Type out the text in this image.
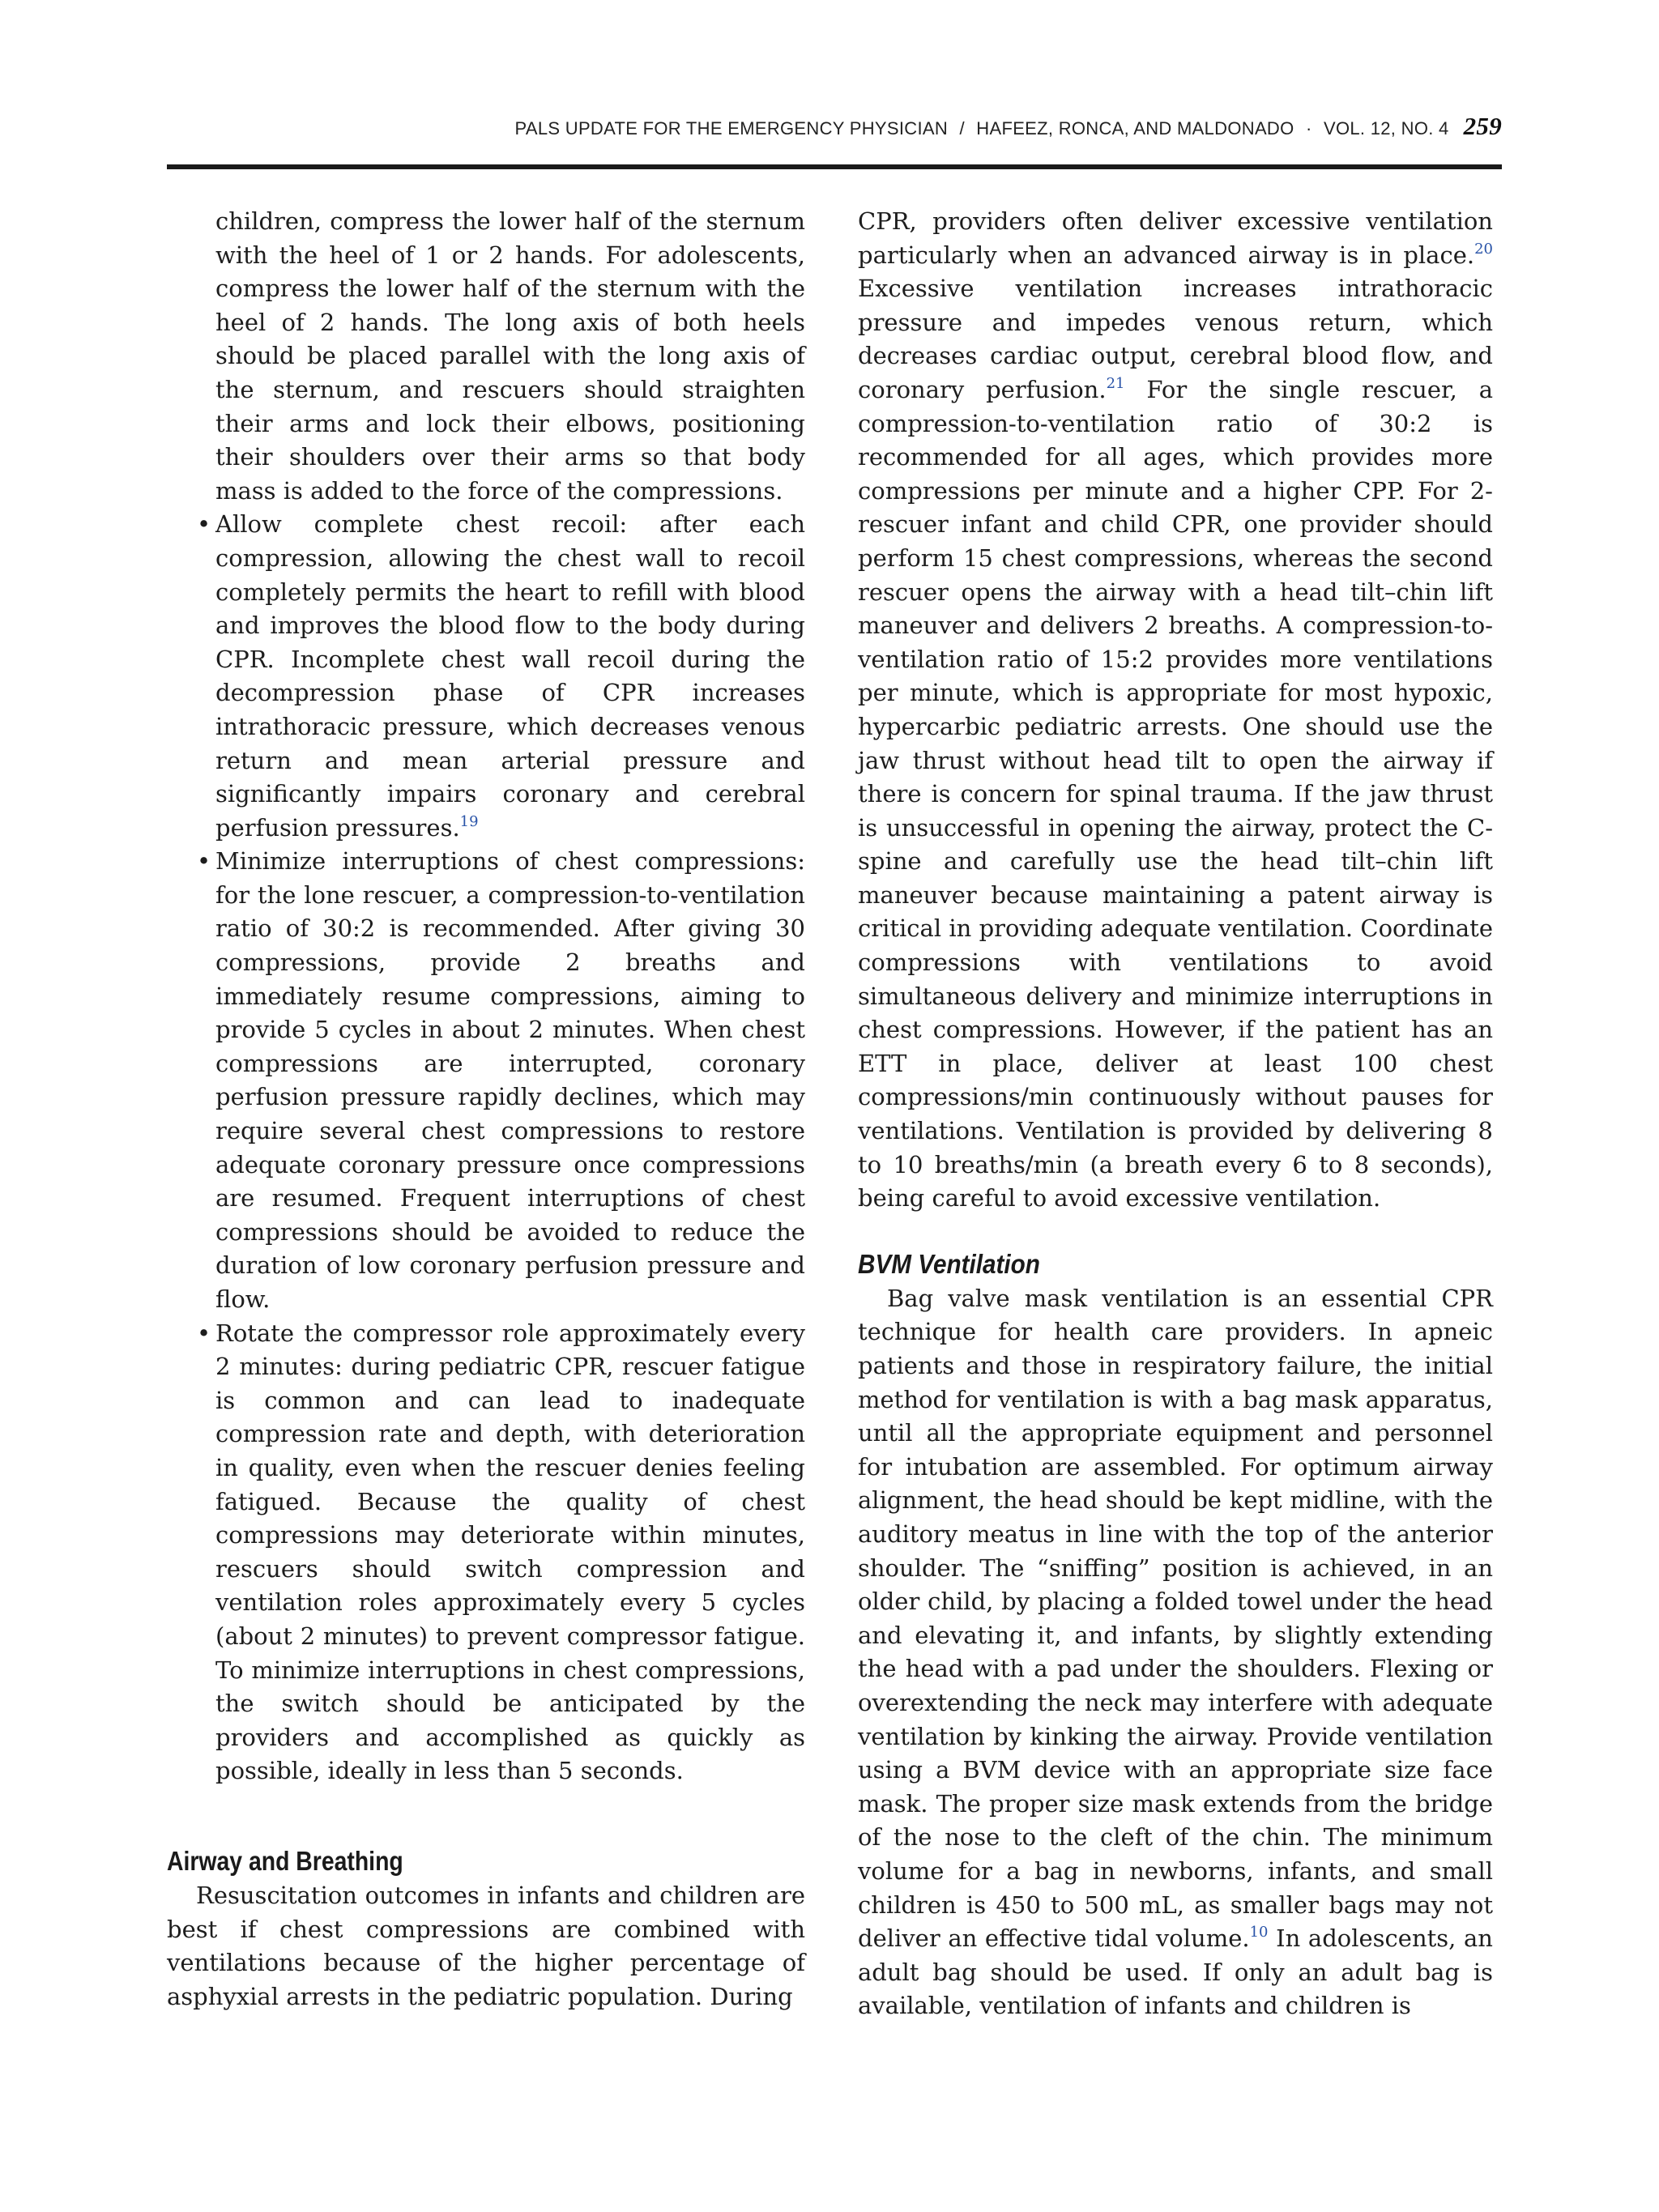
PALS UPDATE FOR THE EMERGENCY PHYSICIAN / HAFEEZ, RONCA, AND MALDONADO · VOL. 12, NO. 4 259

children, compress the lower half of the sternum with the heel of 1 or 2 hands. For adolescents, compress the lower half of the sternum with the heel of 2 hands. The long axis of both heels should be placed parallel with the long axis of the sternum, and rescuers should straighten their arms and lock their elbows, positioning their shoulders over their arms so that body mass is added to the force of the compressions.

• Allow complete chest recoil: after each compression, allowing the chest wall to recoil completely permits the heart to refill with blood and improves the blood flow to the body during CPR. Incomplete chest wall recoil during the decompression phase of CPR increases intrathoracic pressure, which decreases venous return and mean arterial pressure and significantly impairs coronary and cerebral perfusion pressures.$^{19}$
• Minimize interruptions of chest compressions: for the lone rescuer, a compression-to-ventilation ratio of 30:2 is recommended. After giving 30 compressions, provide 2 breaths and immediately resume compressions, aiming to provide 5 cycles in about 2 minutes. When chest compressions are interrupted, coronary perfusion pressure rapidly declines, which may require several chest compressions to restore adequate coronary pressure once compressions are resumed. Frequent interruptions of chest compressions should be avoided to reduce the duration of low coronary perfusion pressure and flow.
• Rotate the compressor role approximately every 2 minutes: during pediatric CPR, rescuer fatigue is common and can lead to inadequate compression rate and depth, with deterioration in quality, even when the rescuer denies feeling fatigued. Because the quality of chest compressions may deteriorate within minutes, rescuers should switch compression and ventilation roles approximately every 5 cycles (about 2 minutes) to prevent compressor fatigue. To minimize interruptions in chest compressions, the switch should be anticipated by the providers and accomplished as quickly as possible, ideally in less than 5 seconds.
Airway and Breathing

Resuscitation outcomes in infants and children are best if chest compressions are combined with ventilations because of the higher percentage of asphyxial arrests in the pediatric population. During

CPR, providers often deliver excessive ventilation particularly when an advanced airway is in place.$^{20}$ Excessive ventilation increases intrathoracic pressure and impedes venous return, which decreases cardiac output, cerebral blood flow, and coronary perfusion.$^{21}$ For the single rescuer, a compression-to-ventilation ratio of 30:2 is recommended for all ages, which provides more compressions per minute and a higher CPP. For 2-rescuer infant and child CPR, one provider should perform 15 chest compressions, whereas the second rescuer opens the airway with a head tilt–chin lift maneuver and delivers 2 breaths. A compression-to-ventilation ratio of 15:2 provides more ventilations per minute, which is appropriate for most hypoxic, hypercarbic pediatric arrests. One should use the jaw thrust without head tilt to open the airway if there is concern for spinal trauma. If the jaw thrust is unsuccessful in opening the airway, protect the C-spine and carefully use the head tilt–chin lift maneuver because maintaining a patent airway is critical in providing adequate ventilation. Coordinate compressions with ventilations to avoid simultaneous delivery and minimize interruptions in chest compressions. However, if the patient has an ETT in place, deliver at least 100 chest compressions/min continuously without pauses for ventilations. Ventilation is provided by delivering 8 to 10 breaths/min (a breath every 6 to 8 seconds), being careful to avoid excessive ventilation.

BVM Ventilation

Bag valve mask ventilation is an essential CPR technique for health care providers. In apneic patients and those in respiratory failure, the initial method for ventilation is with a bag mask apparatus, until all the appropriate equipment and personnel for intubation are assembled. For optimum airway alignment, the head should be kept midline, with the auditory meatus in line with the top of the anterior shoulder. The “sniffing” position is achieved, in an older child, by placing a folded towel under the head and elevating it, and infants, by slightly extending the head with a pad under the shoulders. Flexing or overextending the neck may interfere with adequate ventilation by kinking the airway. Provide ventilation using a BVM device with an appropriate size face mask. The proper size mask extends from the bridge of the nose to the cleft of the chin. The minimum volume for a bag in newborns, infants, and small children is 450 to 500 mL, as smaller bags may not deliver an effective tidal volume.$^{10}$ In adolescents, an adult bag should be used. If only an adult bag is available, ventilation of infants and children is
